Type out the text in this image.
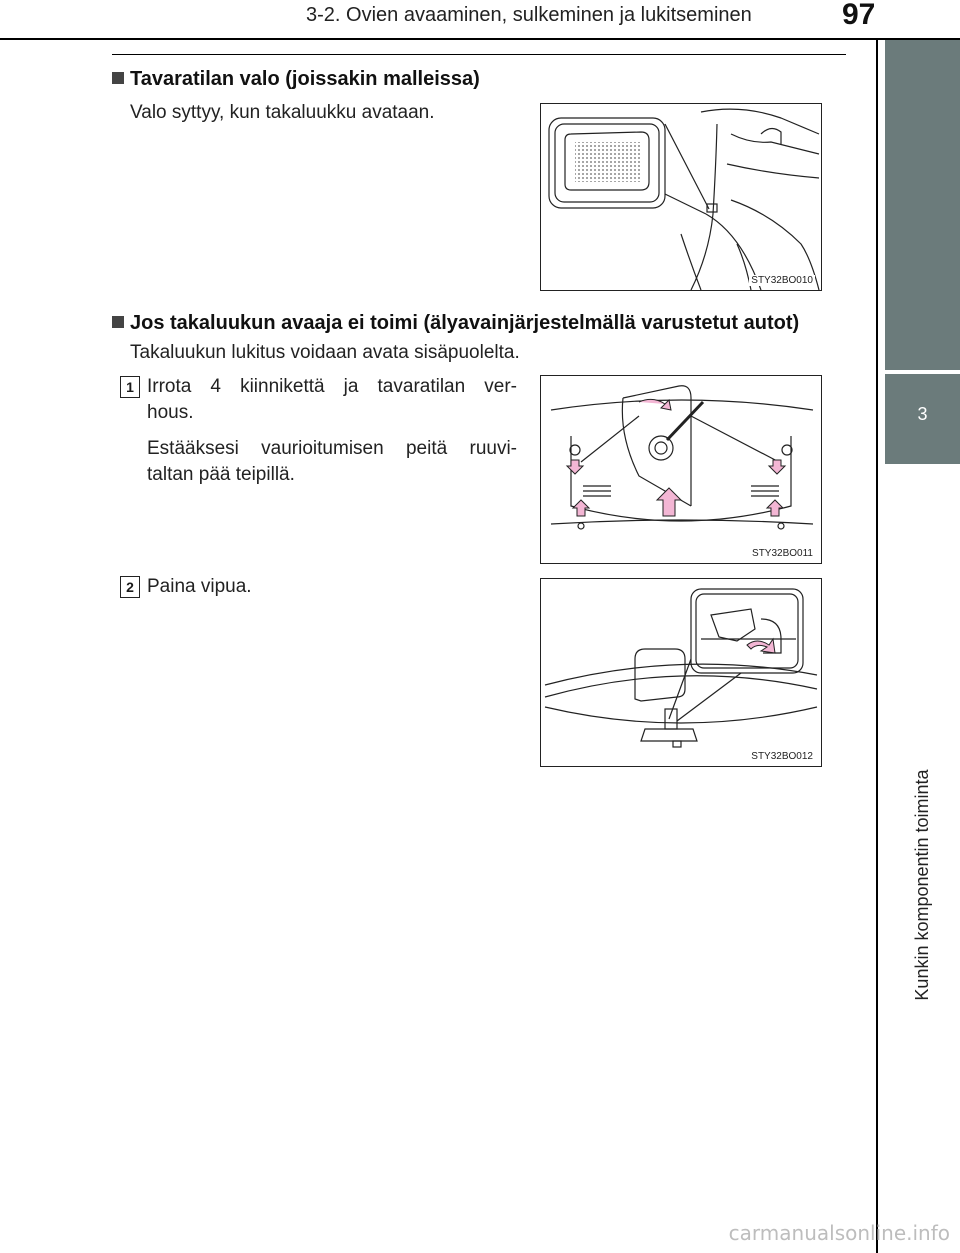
3-2. Ovien avaaminen, sulkeminen ja lukitseminen	97
3
Kunkin komponentin toiminta
Tavaratilan valo (joissakin malleissa)
Valo syttyy, kun takaluukku avataan.
STY32BO010
Jos takaluukun avaaja ei toimi (älyavainjärjestelmällä varustetut autot)
Takaluukun lukitus voidaan avata sisäpuolelta.
1 Irrota 4 kiinnikettä ja tavaratilan ver-
hous.
Estääksesi vaurioitumisen peitä ruuvi-
taltan pää teipillä.
STY32BO011
2 Paina vipua.
STY32BO012
carmanualsonline.info
